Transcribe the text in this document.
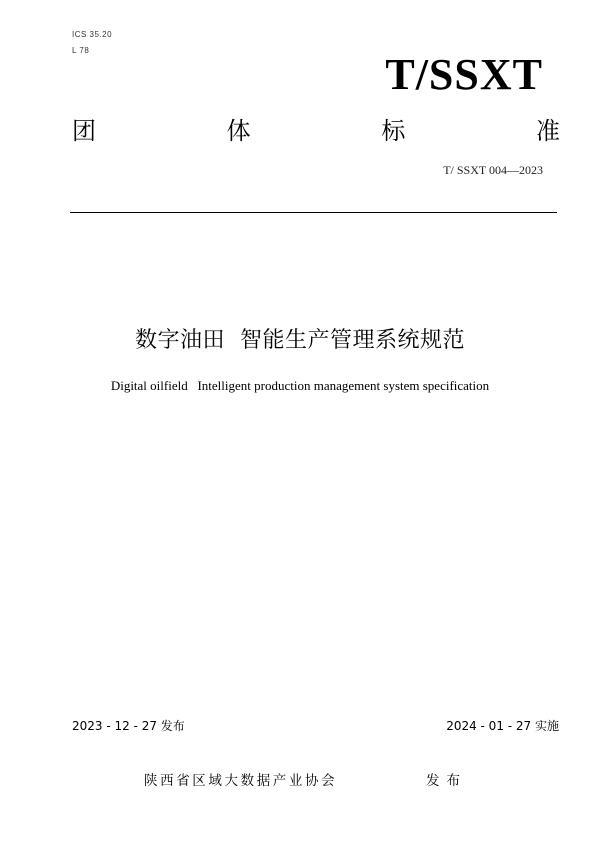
ICS 35.20
L 78	T/SSXT
团	体	标	准
T/ SSXT 004—2023
数字油田  智能生产管理系统规范
Digital oilfield   Intelligent production management system specification
2023 - 12 - 27 发布	2024 - 01 - 27 实施
陕西省区域大数据产业协会	发布
